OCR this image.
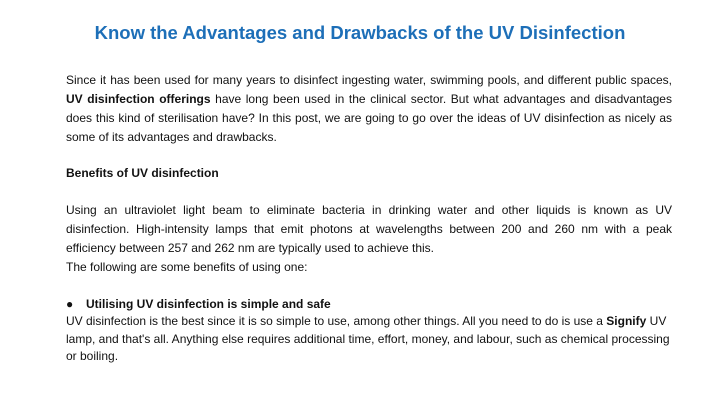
Know the Advantages and Drawbacks of the UV Disinfection

Since it has been used for many years to disinfect ingesting water, swimming pools, and different public spaces, UV disinfection offerings have long been used in the clinical sector. But what advantages and disadvantages does this kind of sterilisation have? In this post, we are going to go over the ideas of UV disinfection as nicely as some of its advantages and drawbacks.

Benefits of UV disinfection

Using an ultraviolet light beam to eliminate bacteria in drinking water and other liquids is known as UV disinfection. High-intensity lamps that emit photons at wavelengths between 200 and 260 nm with a peak efficiency between 257 and 262 nm are typically used to achieve this.

The following are some benefits of using one:

● Utilising UV disinfection is simple and safe

UV disinfection is the best since it is so simple to use, among other things. All you need to do is use a Signify UV lamp, and that's all. Anything else requires additional time, effort, money, and labour, such as chemical processing or boiling.
